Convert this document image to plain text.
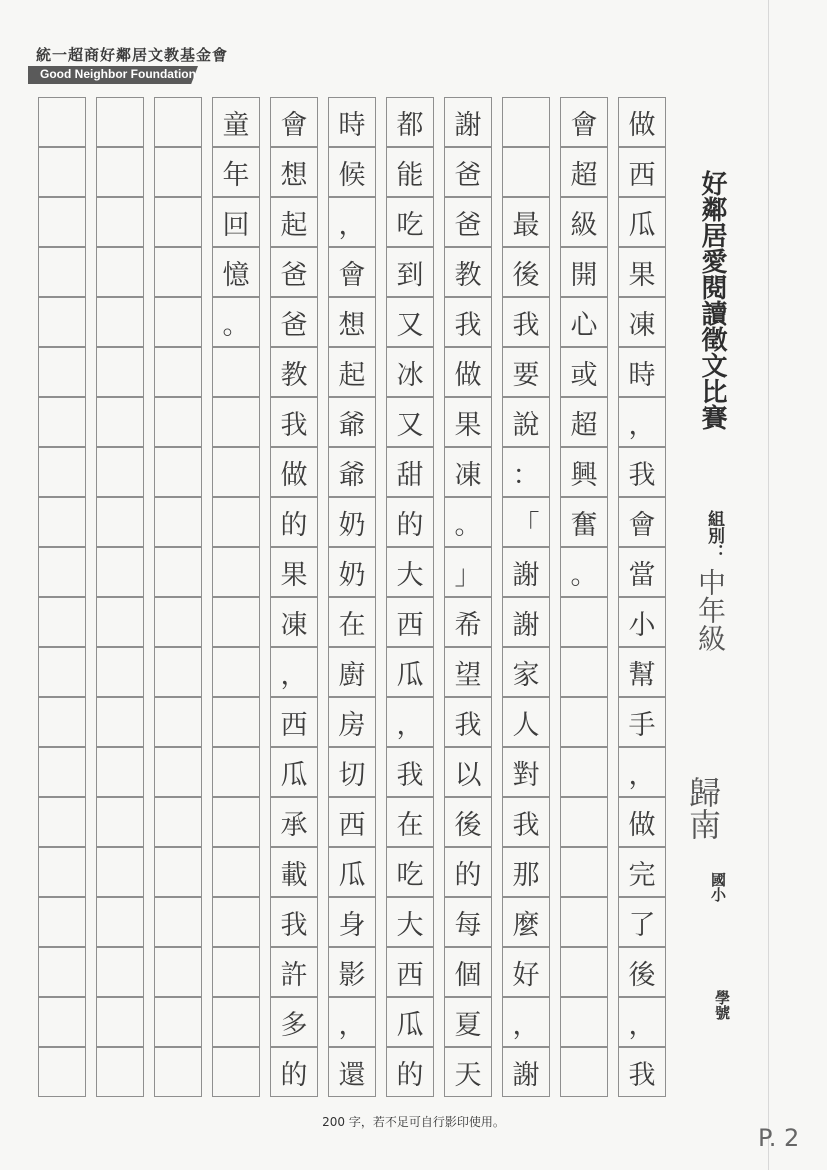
統一超商好鄰居文教基金會
Good Neighbor Foundation
做
西
瓜
果
凍
時
，
我
會
當
小
幫
手
，
做
完
了
後
，
我
會
超
級
開
心
或
超
興
奮
。
最
後
我
要
說
：
「
謝
謝
家
人
對
我
那
麼
好
，
謝
謝
爸
爸
教
我
做
果
凍
。
」
希
望
我
以
後
的
每
個
夏
天
都
能
吃
到
又
冰
又
甜
的
大
西
瓜
，
我
在
吃
大
西
瓜
的
時
候
，
會
想
起
爺
爺
奶
奶
在
廚
房
切
西
瓜
身
影
，
還
會
想
起
爸
爸
教
我
做
的
果
凍
，
西
瓜
承
載
我
許
多
的
童
年
回
憶
。	好鄰居愛閱讀徵文比賽
組別：
中年級
歸南
國小
學號
200 字，若不足可自行影印使用。
P. 2
